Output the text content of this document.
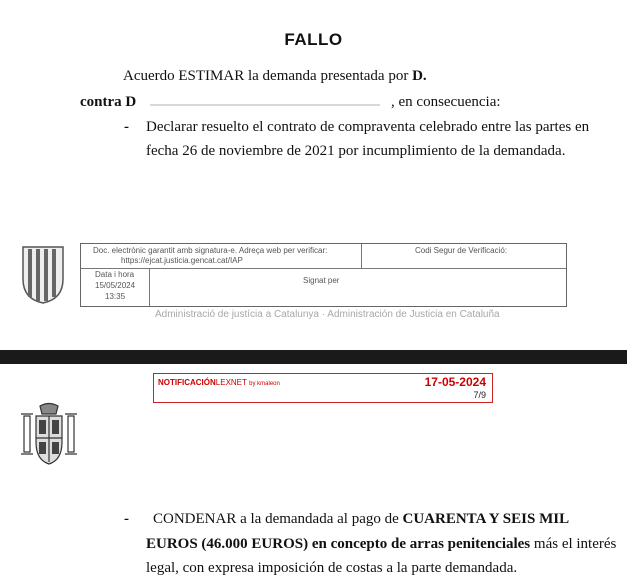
FALLO
Acuerdo ESTIMAR la demanda presentada por D.
contra D	, en consecuencia:
- Declarar resuelto el contrato de compraventa celebrado entre las partes en
fecha 26 de noviembre de 2021 por incumplimiento de la demandada.
Doc. electrònic garantit amb signatura-e. Adreça web per verificar:
https://ejcat.justicia.gencat.cat/IAP
Codi Segur de Verificació:
Data i hora
15/05/2024
13:35
Signat per
Administració de justícia a Catalunya · Administración de Justicia en Cataluña
NOTIFICACIÓNLEXNET by kmaleon	17-05-2024
7/9
- CONDENAR a la demandada al pago de CUARENTA Y SEIS MIL
EUROS (46.000 EUROS) en concepto de arras penitenciales más el interés
legal, con expresa imposición de costas a la parte demandada.
